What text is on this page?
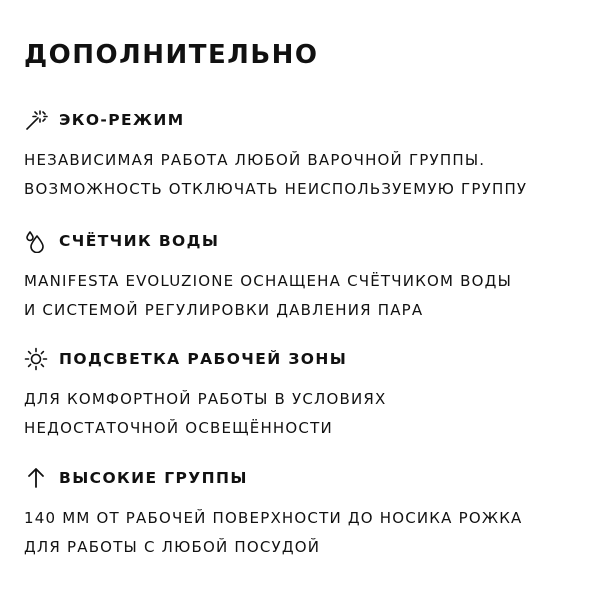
ДОПОЛНИТЕЛЬНО
ЭКО-РЕЖИМ
НЕЗАВИСИМАЯ РАБОТА ЛЮБОЙ ВАРОЧНОЙ ГРУППЫ.
ВОЗМОЖНОСТЬ ОТКЛЮЧАТЬ НЕИСПОЛЬЗУЕМУЮ ГРУППУ
СЧЁТЧИК ВОДЫ
MANIFESTA EVOLUZIONE ОСНАЩЕНА СЧЁТЧИКОМ ВОДЫ
И СИСТЕМОЙ РЕГУЛИРОВКИ ДАВЛЕНИЯ ПАРА
ПОДСВЕТКА РАБОЧЕЙ ЗОНЫ
ДЛЯ КОМФОРТНОЙ РАБОТЫ В УСЛОВИЯХ
НЕДОСТАТОЧНОЙ ОСВЕЩЁННОСТИ
ВЫСОКИЕ ГРУППЫ
140 ММ ОТ РАБОЧЕЙ ПОВЕРХНОСТИ ДО НОСИКА РОЖКА
ДЛЯ РАБОТЫ С ЛЮБОЙ ПОСУДОЙ
